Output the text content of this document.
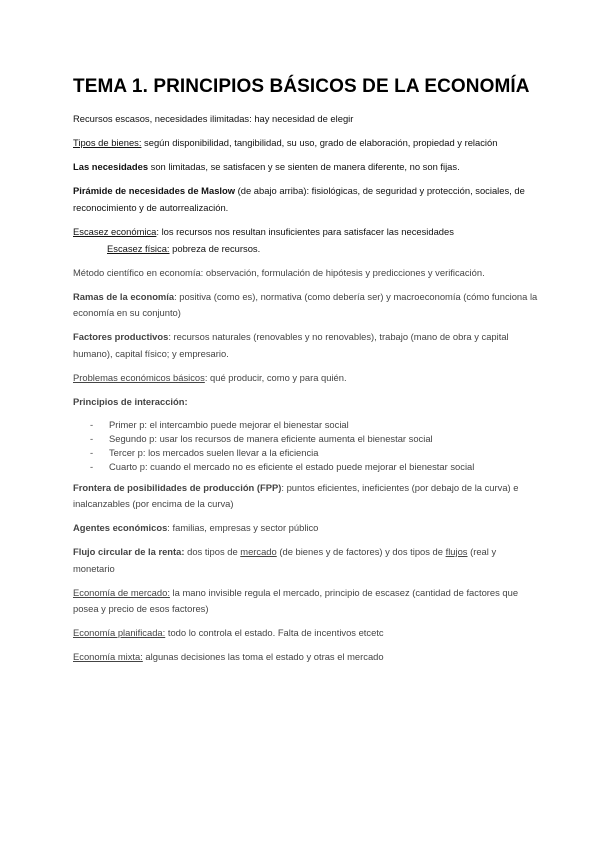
TEMA 1. PRINCIPIOS BÁSICOS DE LA ECONOMÍA

Recursos escasos, necesidades ilimitadas: hay necesidad de elegir

Tipos de bienes: según disponibilidad, tangibilidad, su uso, grado de elaboración, propiedad y relación

Las necesidades son limitadas, se satisfacen y se sienten de manera diferente, no son fijas.

Pirámide de necesidades de Maslow (de abajo arriba): fisiológicas, de seguridad y protección, sociales, de reconocimiento y de autorrealización.

Escasez económica: los recursos nos resultan insuficientes para satisfacer las necesidades

Escasez física: pobreza de recursos.

Método científico en economía: observación, formulación de hipótesis y predicciones y verificación.

Ramas de la economía: positiva (como es), normativa (como debería ser) y macroeconomía (cómo funciona la economía en su conjunto)

Factores productivos: recursos naturales (renovables y no renovables), trabajo (mano de obra y capital humano), capital físico; y empresario.

Problemas económicos básicos: qué producir, como y para quién.

Principios de interacción:

- Primer p: el intercambio puede mejorar el bienestar social
- Segundo p: usar los recursos de manera eficiente aumenta el bienestar social
- Tercer p: los mercados suelen llevar a la eficiencia
- Cuarto p: cuando el mercado no es eficiente el estado puede mejorar el bienestar social

Frontera de posibilidades de producción (FPP): puntos eficientes, ineficientes (por debajo de la curva) e inalcanzables (por encima de la curva)

Agentes económicos: familias, empresas y sector público

Flujo circular de la renta: dos tipos de mercado (de bienes y de factores) y dos tipos de flujos (real y monetario

Economía de mercado: la mano invisible regula el mercado, principio de escasez (cantidad de factores que posea y precio de esos factores)

Economía planificada: todo lo controla el estado. Falta de incentivos etcetc

Economía mixta: algunas decisiones las toma el estado y otras el mercado
